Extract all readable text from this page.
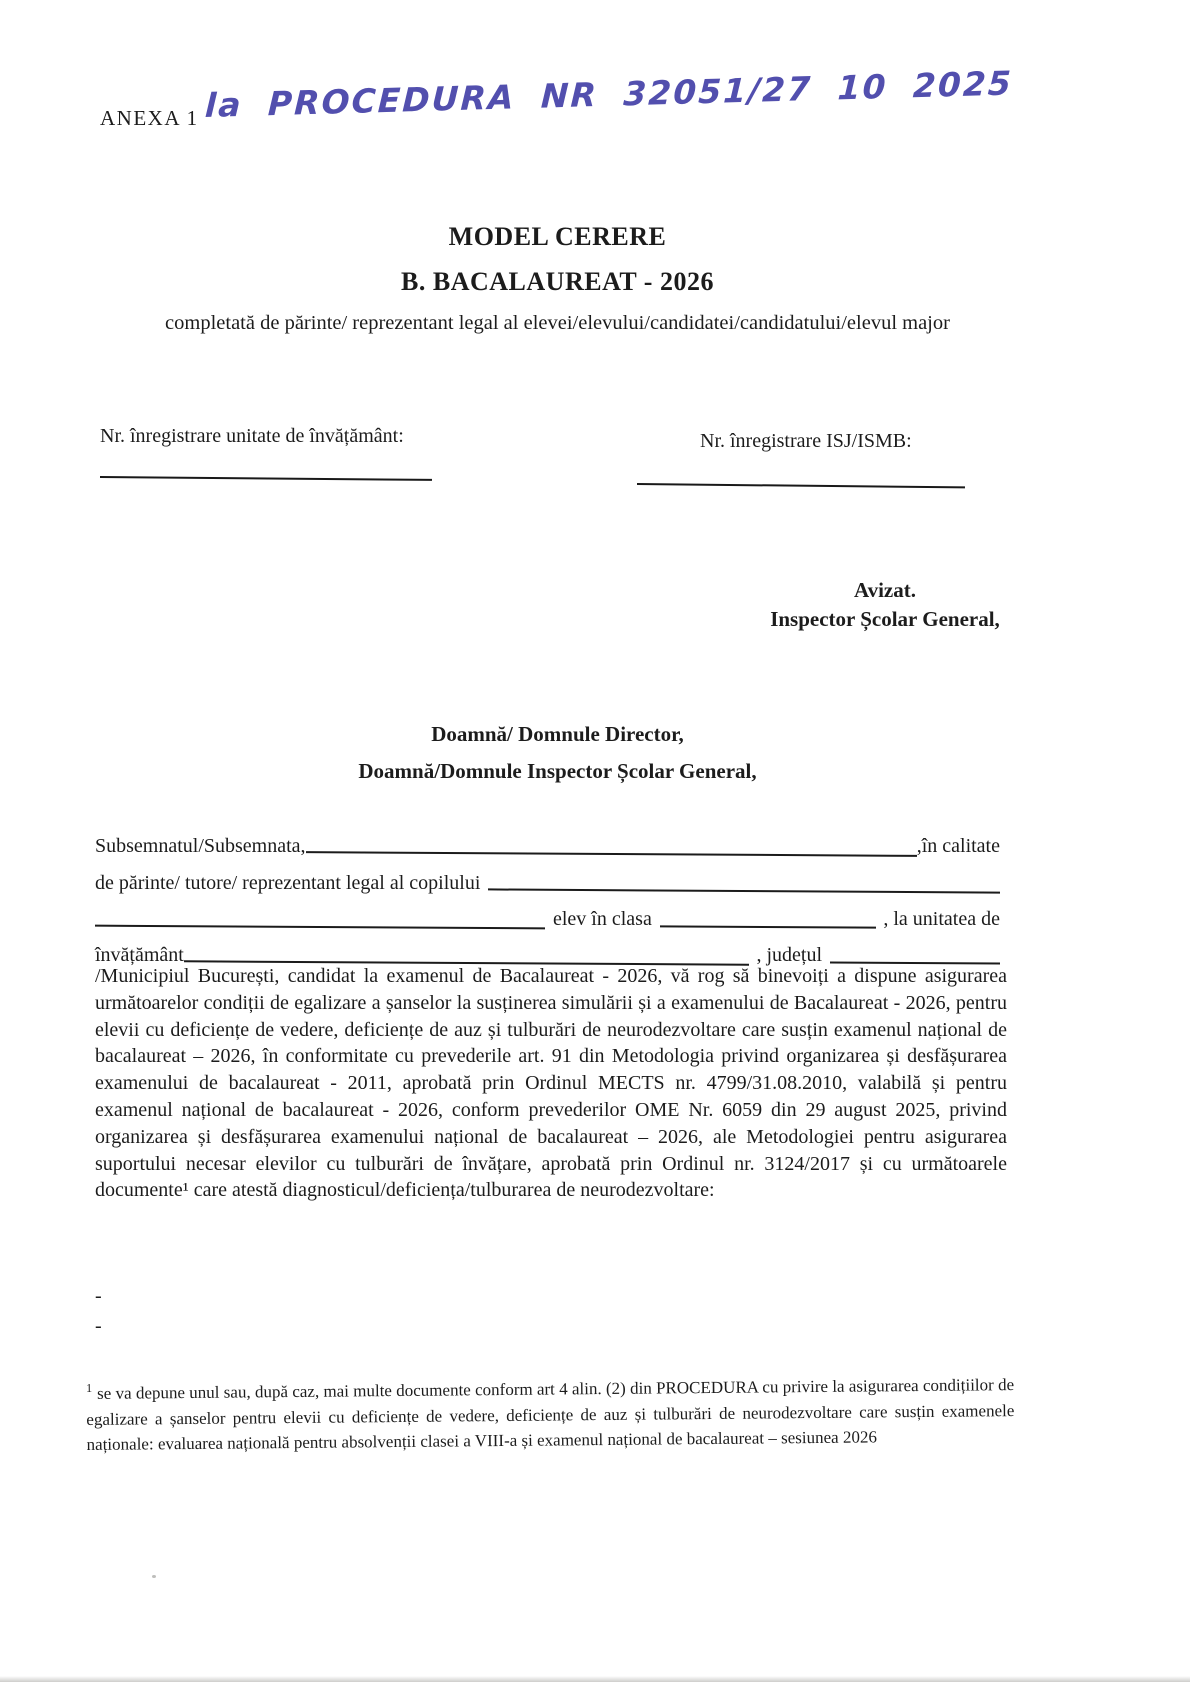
ANEXA 1 la PROCEDURA NR 32051/27 10 2025
MODEL CERERE
B. BACALAUREAT - 2026
completată de părinte/ reprezentant legal al elevei/elevului/candidatei/candidatului/elevul major
Nr. înregistrare unitate de învățământ:	Nr. înregistrare ISJ/ISMB:
Avizat.
Inspector Școlar General,
Doamnă/ Domnule Director,
Doamnă/Domnule Inspector Școlar General,
Subsemnatul/Subsemnata,	,în calitate
de părinte/ tutore/ reprezentant legal al copilului
elev în clasa	, la unitatea de
învățământ	, județul
/Municipiul București, candidat la examenul de Bacalaureat - 2026, vă rog să binevoiți a dispune asigurarea următoarelor condiții de egalizare a șanselor la susținerea simulării și a examenului de Bacalaureat - 2026, pentru elevii cu deficiențe de vedere, deficiențe de auz și tulburări de neurodezvoltare care susțin examenul național de bacalaureat – 2026, în conformitate cu prevederile art. 91 din Metodologia privind organizarea și desfășurarea examenului de bacalaureat - 2011, aprobată prin Ordinul MECTS nr. 4799/31.08.2010, valabilă și pentru examenul național de bacalaureat - 2026, conform prevederilor OME Nr. 6059 din 29 august 2025, privind organizarea și desfășurarea examenului național de bacalaureat – 2026, ale Metodologiei pentru asigurarea suportului necesar elevilor cu tulburări de învățare, aprobată prin Ordinul nr. 3124/2017 și cu următoarele documente¹ care atestă diagnosticul/deficiența/tulburarea de neurodezvoltare:
-
-
$^1$ se va depune unul sau, după caz, mai multe documente conform art 4 alin. (2) din PROCEDURA cu privire la asigurarea condițiilor de egalizare a șanselor pentru elevii cu deficiențe de vedere, deficiențe de auz și tulburări de neurodezvoltare care susțin examenele naționale: evaluarea națională pentru absolvenții clasei a VIII-a și examenul național de bacalaureat – sesiunea 2026
